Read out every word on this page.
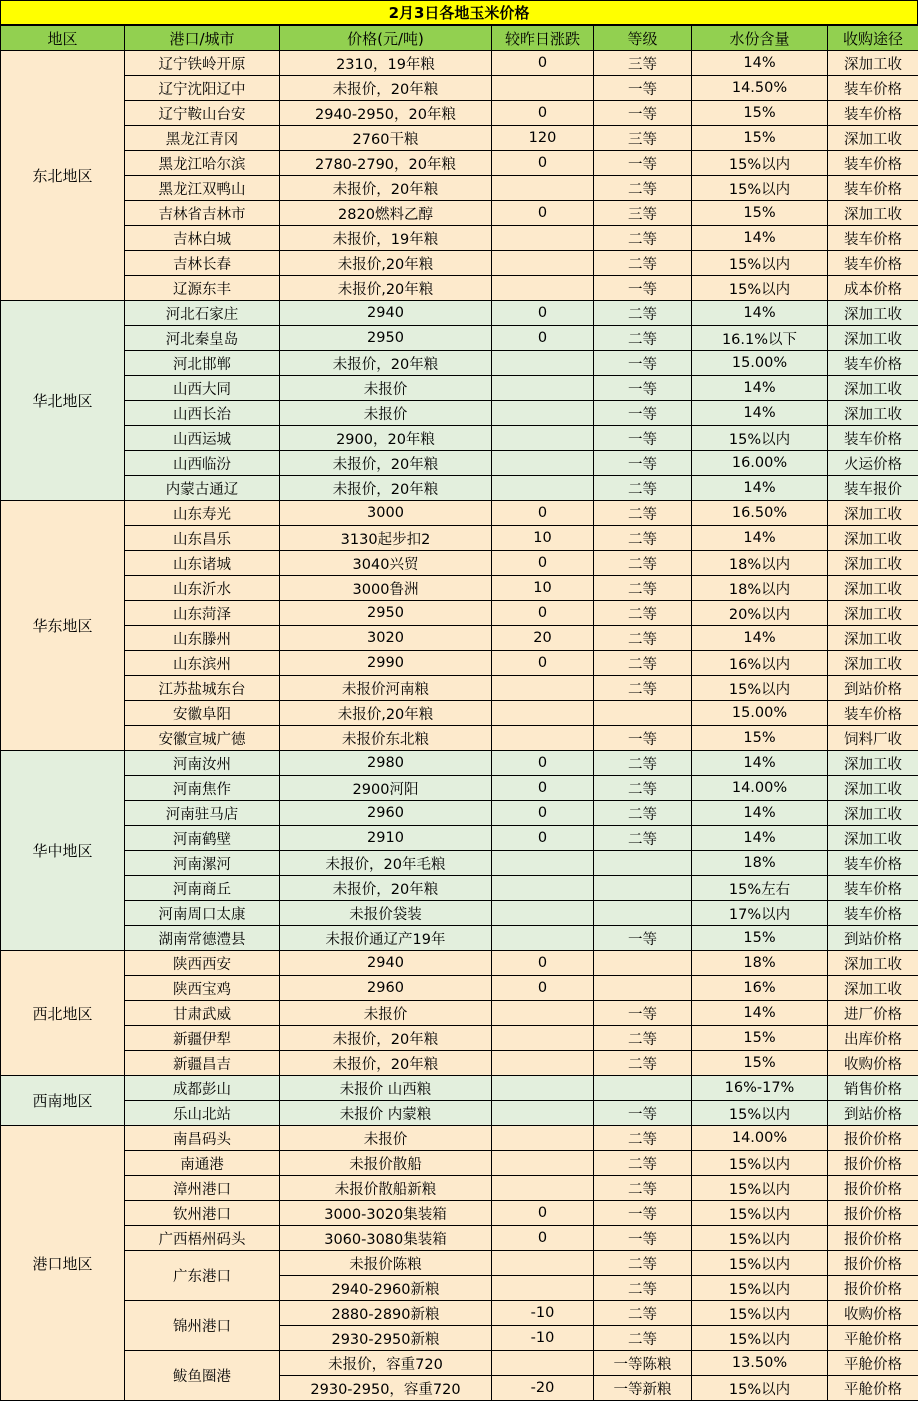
2月3日各地玉米价格
地区	港口/城市	价格(元/吨)	较昨日涨跌	等级	水份含量	收购途径
东北地区	辽宁铁岭开原	2310，19年粮	0	三等	14%	深加工收
	辽宁沈阳辽中	未报价，20年粮		一等	14.50%	装车价格
	辽宁鞍山台安	2940-2950，20年粮	0	一等	15%	装车价格
	黑龙江青冈	2760干粮	120	三等	15%	深加工收
	黑龙江哈尔滨	2780-2790，20年粮	0	一等	15%以内	装车价格
	黑龙江双鸭山	未报价，20年粮		二等	15%以内	装车价格
	吉林省吉林市	2820燃料乙醇	0	三等	15%	深加工收
	吉林白城	未报价，19年粮		二等	14%	装车价格
	吉林长春	未报价,20年粮		二等	15%以内	装车价格
	辽源东丰	未报价,20年粮		一等	15%以内	成本价格
华北地区	河北石家庄	2940	0	二等	14%	深加工收
	河北秦皇岛	2950	0	二等	16.1%以下	深加工收
	河北邯郸	未报价，20年粮		一等	15.00%	装车价格
	山西大同	未报价		一等	14%	深加工收
	山西长治	未报价		一等	14%	深加工收
	山西运城	2900，20年粮		一等	15%以内	装车价格
	山西临汾	未报价，20年粮		一等	16.00%	火运价格
	内蒙古通辽	未报价，20年粮		二等	14%	装车报价
华东地区	山东寿光	3000	0	二等	16.50%	深加工收
	山东昌乐	3130起步扣2	10	二等	14%	深加工收
	山东诸城	3040兴贸	0	二等	18%以内	深加工收
	山东沂水	3000鲁洲	10	二等	18%以内	深加工收
	山东菏泽	2950	0	二等	20%以内	深加工收
	山东滕州	3020	20	二等	14%	深加工收
	山东滨州	2990	0	二等	16%以内	深加工收
	江苏盐城东台	未报价河南粮		二等	15%以内	到站价格
	安徽阜阳	未报价,20年粮			15.00%	装车价格
	安徽宣城广德	未报价东北粮		一等	15%	饲料厂收
华中地区	河南汝州	2980	0	二等	14%	深加工收
	河南焦作	2900河阳	0	二等	14.00%	深加工收
	河南驻马店	2960	0	二等	14%	深加工收
	河南鹤壁	2910	0	二等	14%	深加工收
	河南漯河	未报价，20年毛粮			18%	装车价格
	河南商丘	未报价，20年粮			15%左右	装车价格
	河南周口太康	未报价袋装			17%以内	装车价格
	湖南常德澧县	未报价通辽产19年		一等	15%	到站价格
西北地区	陕西西安	2940	0		18%	深加工收
	陕西宝鸡	2960	0		16%	深加工收
	甘肃武威	未报价		一等	14%	进厂价格
	新疆伊犁	未报价，20年粮		二等	15%	出库价格
	新疆昌吉	未报价，20年粮		二等	15%	收购价格
西南地区	成都彭山	未报价 山西粮			16%-17%	销售价格
	乐山北站	未报价 内蒙粮		一等	15%以内	到站价格
港口地区	南昌码头	未报价		二等	14.00%	报价价格
	南通港	未报价散船		二等	15%以内	报价价格
	漳州港口	未报价散船新粮		二等	15%以内	报价价格
	钦州港口	3000-3020集装箱	0	一等	15%以内	报价价格
	广西梧州码头	3060-3080集装箱	0	一等	15%以内	报价价格
	广东港口	未报价陈粮		二等	15%以内	报价价格
		2940-2960新粮		二等	15%以内	报价价格
	锦州港口	2880-2890新粮	-10	二等	15%以内	收购价格
		2930-2950新粮	-10	二等	15%以内	平舱价格
	鲅鱼圈港	未报价，容重720		一等陈粮	13.50%	平舱价格
		2930-2950，容重720	-20	一等新粮	15%以内	平舱价格
